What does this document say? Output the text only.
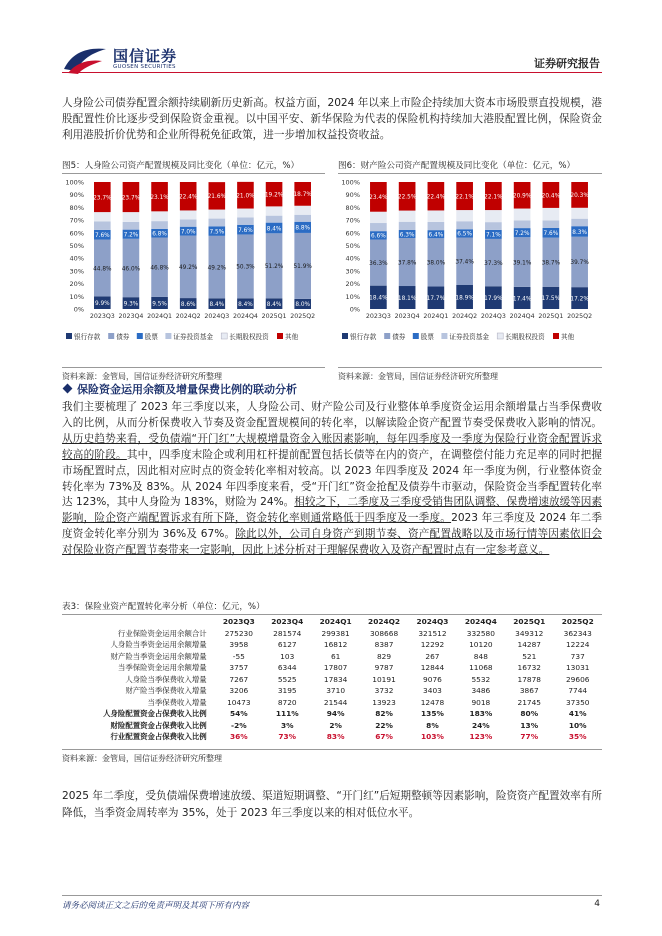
国信证券
GUOSEN SECURITIES	证券研究报告
人身险公司债券配置余额持续刷新历史新高。权益方面，2024 年以来上市险企持续加大资本市场股票直投规模，港股配置性价比逐步受到保险资金重视。以中国平安、新华保险为代表的保险机构持续加大港股配置比例，保险资金利用港股折价优势和企业所得税免征政策，进一步增加权益投资收益。
图5：人身险公司资产配置规模及同比变化（单位：亿元，%）
0%
10%
20%
30%
40%
50%
60%
70%
80%
90%
100%
9.9%
44.8%
7.6%
23.7%
2023Q3
9.3%
46.0%
7.2%
23.7%
2023Q4
9.5%
46.8%
6.8%
23.1%
2024Q1
8.6%
49.2%
7.0%
22.4%
2024Q2
8.4%
49.2%
7.5%
21.6%
2024Q3
8.4%
50.3%
7.6%
21.0%
2024Q4
8.4%
51.2%
8.4%
19.2%
2025Q1
8.0%
51.9%
8.8%
18.7%
2025Q2
银行存款 债券 股票 证券投资基金 长期股权投资 其他
资料来源：金管局，国信证券经济研究所整理
图6：财产险公司资产配置规模及同比变化（单位：亿元，%）
0%
10%
20%
30%
40%
50%
60%
70%
80%
90%
100%
18.4%
36.3%
6.6%
23.4%
2023Q3
18.1%
37.8%
6.3%
22.5%
2023Q4
17.7%
38.0%
6.4%
22.4%
2024Q1
18.9%
37.4%
6.5%
22.1%
2024Q2
17.9%
37.3%
7.1%
22.1%
2024Q3
17.4%
39.1%
7.2%
20.9%
2024Q4
17.5%
38.7%
7.6%
20.4%
2025Q1
17.2%
39.7%
8.3%
20.3%
2025Q2
银行存款 债券 股票 证券投资基金 长期股权投资 其他
资料来源：金管局，国信证券经济研究所整理
保险资金运用余额及增量保费比例的联动分析
我们主要梳理了 2023 年三季度以来，人身险公司、财产险公司及行业整体单季度资金运用余额增量占当季保费收入的比例，从而分析保费收入节奏及资金配置规模间的转化率，以解读险企资产配置节奏受保费收入影响的情况。从历史趋势来看，受负债端“开门红”大规模增量资金入账因素影响，每年四季度及一季度为保险行业资金配置诉求较高的阶段。其中，四季度末险企或利用杠杆提前配置包括长债等在内的资产，在调整偿付能力充足率的同时把握市场配置时点，因此相对应时点的资金转化率相对较高。以 2023 年四季度及 2024 年一季度为例，行业整体资金转化率为 73%及 83%。从 2024 年四季度来看，受“开门红”资金抢配及债券牛市驱动，保险资金当季配置转化率达 123%，其中人身险为 183%，财险为 24%。相较之下，二季度及三季度受销售团队调整、保费增速放缓等因素影响，险企资产端配置诉求有所下降，资金转化率则通常略低于四季度及一季度。2023 年三季度及 2024 年二季度资金转化率分别为 36%及 67%。除此以外，公司自身资产到期节奏、资产配置战略以及市场行情等因素依旧会对保险业资产配置节奏带来一定影响，因此上述分析对于理解保费收入及资产配置时点有一定参考意义。
表3：保险业资产配置转化率分析（单位：亿元，%）
	2023Q3	2023Q4	2024Q1	2024Q2	2024Q3	2024Q4	2025Q1	2025Q2
行业保险资金运用余额合计	275230	281574	299381	308668	321512	332580	349312	362343
人身险当季资金运用余额增量	3958	6127	16812	8387	12292	10120	14287	12224
财产险当季资金运用余额增量	-55	103	61	829	267	848	521	737
当季保险资金运用余额增量	3757	6344	17807	9787	12844	11068	16732	13031
人身险当季保费收入增量	7267	5525	17834	10191	9076	5532	17878	29606
财产险当季保费收入增量	3206	3195	3710	3732	3403	3486	3867	7744
当季保费收入增量	10473	8720	21544	13923	12478	9018	21745	37350
人身险配置资金占保费收入比例	54%	111%	94%	82%	135%	183%	80%	41%
财险配置资金占保费收入比例	-2%	3%	2%	22%	8%	24%	13%	10%
行业配置资金占保费收入比例	36%	73%	83%	67%	103%	123%	77%	35%
资料来源：金管局，国信证券经济研究所整理
2025 年二季度，受负债端保费增速放缓、渠道短期调整、“开门红”后短期整顿等因素影响，险资资产配置效率有所降低，当季资金周转率为 35%，处于 2023 年三季度以来的相对低位水平。
请务必阅读正文之后的免责声明及其项下所有内容	4
